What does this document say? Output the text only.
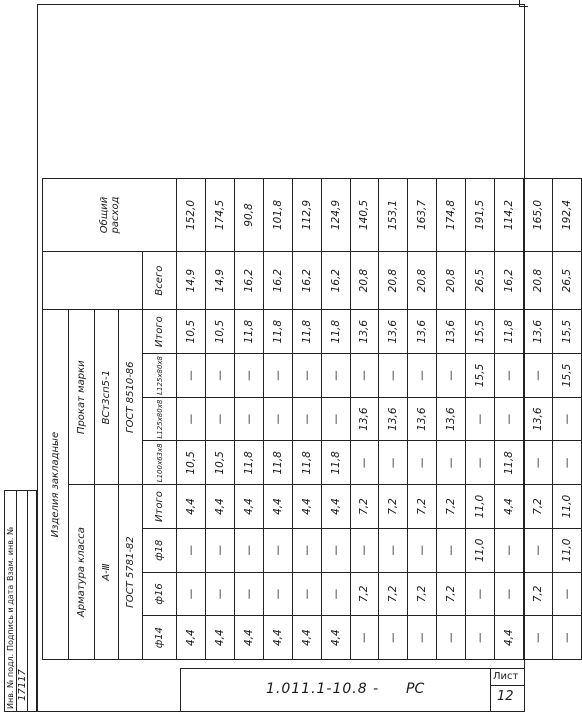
Инв. № подл.
Подпись и дата
Взам. инв. №
17117	1.011.1-10.8 - РС
Лист
12
Изделия закладные									Общий расход
Арматура класса				Прокат марки					
А-Ⅲ				ВСт3сп5-1					
ГОСТ 5781-82				ГОСТ 8510-86					
ф14	ф16	ф18	Итого	L100x63x8	L125x80x8	L125x80x8	Итого	Всего	
4,4	—	—	4,4	10,5	—	—	10,5	14,9	152,0
4,4	—	—	4,4	10,5	—	—	10,5	14,9	174,5
4,4	—	—	4,4	11,8	—	—	11,8	16,2	90,8
4,4	—	—	4,4	11,8	—	—	11,8	16,2	101,8
4,4	—	—	4,4	11,8	—	—	11,8	16,2	112,9
4,4	—	—	4,4	11,8	—	—	11,8	16,2	124,9
—	7,2	—	7,2	—	13,6	—	13,6	20,8	140,5
—	7,2	—	7,2	—	13,6	—	13,6	20,8	153,1
—	7,2	—	7,2	—	13,6	—	13,6	20,8	163,7
—	7,2	—	7,2	—	13,6	—	13,6	20,8	174,8
—	—	11,0	11,0	—	—	15,5	15,5	26,5	191,5
4,4	—	—	4,4	11,8	—	—	11,8	16,2	114,2
—	7,2	—	7,2	—	13,6	—	13,6	20,8	165,0
—	—	11,0	11,0	—	—	15,5	15,5	26,5	192,4
